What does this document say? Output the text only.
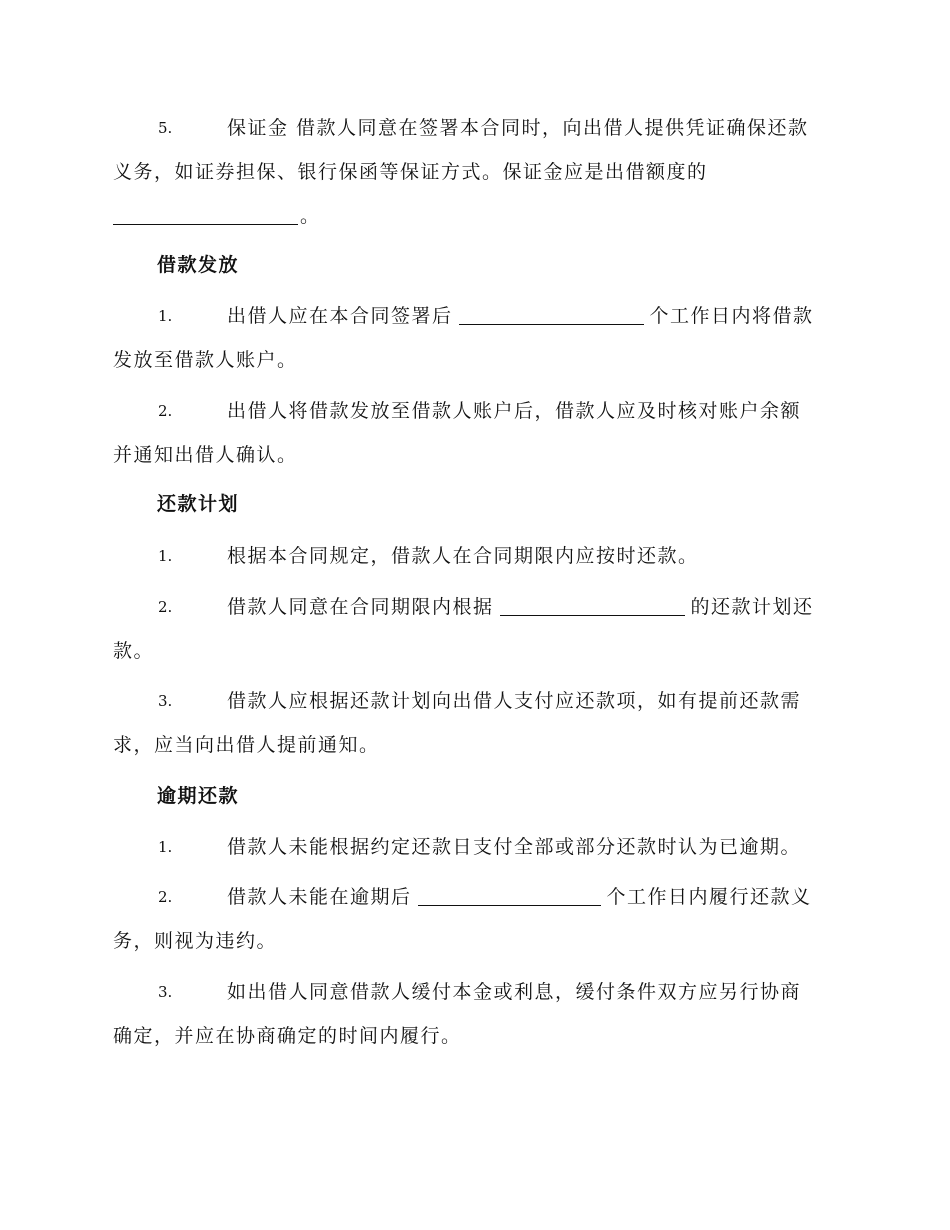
5.	保证金 借款人同意在签署本合同时，向出借人提供凭证确保还款
义务，如证券担保、银行保函等保证方式。保证金应是出借额度的
。
借款发放
1.	出借人应在本合同签署后	个工作日内将借款
发放至借款人账户。
2.	出借人将借款发放至借款人账户后，借款人应及时核对账户余额
并通知出借人确认。
还款计划
1.	根据本合同规定，借款人在合同期限内应按时还款。
2.	借款人同意在合同期限内根据	的还款计划还
款。
3.	借款人应根据还款计划向出借人支付应还款项，如有提前还款需
求，应当向出借人提前通知。
逾期还款
1.	借款人未能根据约定还款日支付全部或部分还款时认为已逾期。
2.	借款人未能在逾期后	个工作日内履行还款义
务，则视为违约。
3.	如出借人同意借款人缓付本金或利息，缓付条件双方应另行协商
确定，并应在协商确定的时间内履行。
